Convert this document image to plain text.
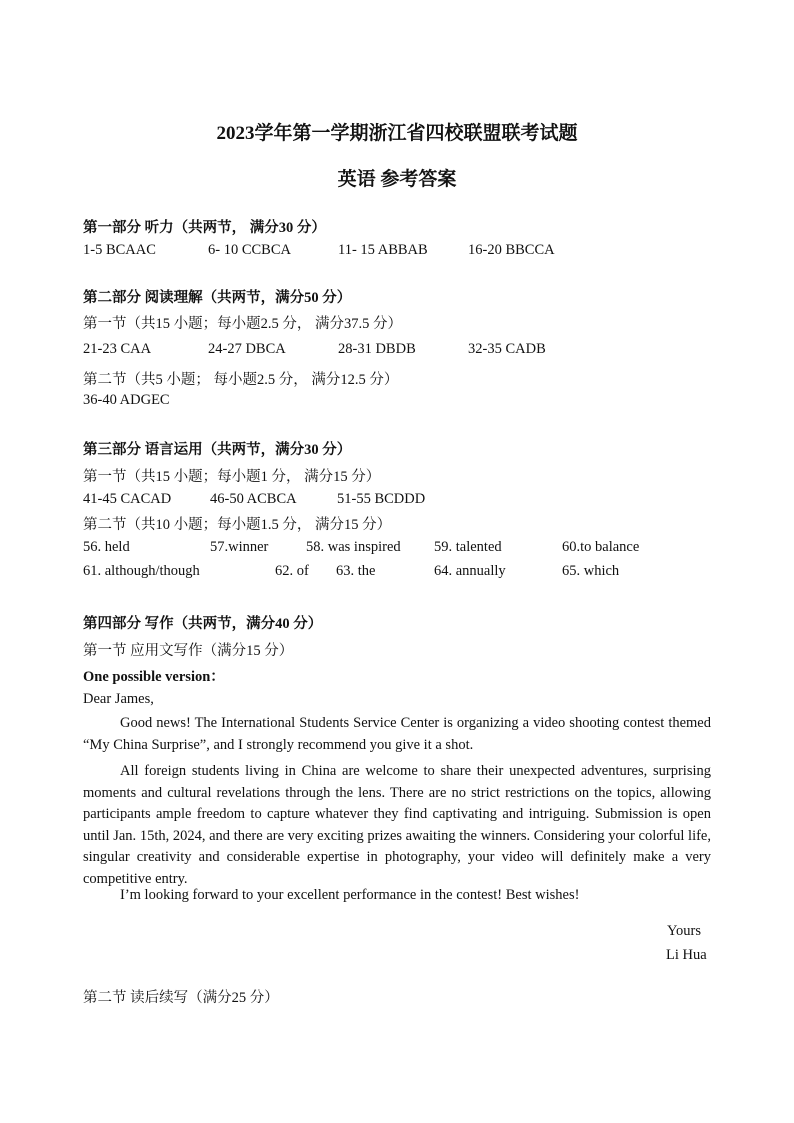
2023学年第一学期浙江省四校联盟联考试题
英语 参考答案
第一部分 听力（共两节， 满分30 分）
1-5 BCAAC	6- 10 CCBCA	11- 15 ABBAB	16-20 BBCCA
第二部分 阅读理解（共两节，满分50 分）
第一节（共15 小题；每小题2.5 分， 满分37.5 分）
21-23 CAA	24-27 DBCA	28-31 DBDB	32-35 CADB
第二节（共5 小题； 每小题2.5 分， 满分12.5 分）
36-40 ADGEC
第三部分 语言运用（共两节，满分30 分）
第一节（共15 小题；每小题1 分， 满分15 分）
41-45 CACAD	46-50 ACBCA	51-55 BCDDD
第二节（共10 小题；每小题1.5 分， 满分15 分）
56. held	57.winner	58. was inspired 59. talented	60.to balance
61. although/though	62. of 63. the	64. annually	65. which
第四部分 写作（共两节，满分40 分）
第一节 应用文写作（满分15 分）
One possible version：
Dear James,
Good news! The International Students Service Center is organizing a video shooting contest themed “My China Surprise”, and I strongly recommend you give it a shot.
All foreign students living in China are welcome to share their unexpected adventures, surprising moments and cultural revelations through the lens. There are no strict restrictions on the topics, allowing participants ample freedom to capture whatever they find captivating and intriguing. Submission is open until Jan. 15th, 2024, and there are very exciting prizes awaiting the winners. Considering your colorful life, singular creativity and considerable expertise in photography, your video will definitely make a very competitive entry.
I’m looking forward to your excellent performance in the contest! Best wishes!
Yours
Li Hua
第二节 读后续写（满分25 分）
